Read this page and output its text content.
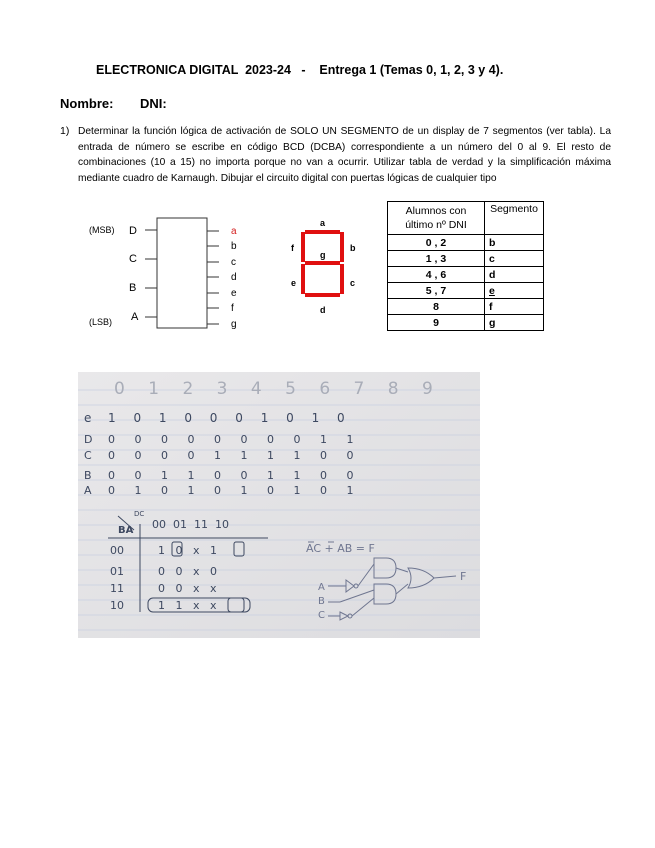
ELECTRONICA DIGITAL  2023-24   -    Entrega 1 (Temas 0, 1, 2, 3 y 4).
Nombre: DNI:
1) Determinar la función lógica de activación de SOLO UN SEGMENTO de un display de 7 segmentos (ver tabla). La entrada de número se escribe en código BCD (DCBA) correspondiente a un número del 0 al 9. El resto de combinaciones (10 a 15) no importa porque no van a ocurrir. Utilizar tabla de verdad y la simplificación máxima mediante cuadro de Karnaugh. Dibujar el circuito digital con puertas lógicas de cualquier tipo
(MSB)
(LSB)
D
C
B
A
a
b
c
d
e
f
g
a
b
c
d
e
f
g
Alumnos con
último nº DNI	Segmento
0 , 2	b
1 , 3	c
4 , 6	d
5 , 7	e
8	f
9	g
0 1 2 3 4 5 6 7 8 9
e 1 0 1 0 0 0 1 0 1 0
D 0 0 0 0 0 0 0 0 1 1
C 0 0 0 0 1 1 1 1 0 0
B 0 0 1 1 0 0 1 1 0 0
A 0 1 0 1 0 1 0 1 0 1
DC
BA 00  01  11  10
00	1   0   x   1
01	0   0   x   0
11	0   0   x   x
10	1   1   x   x
AC + AB = F
A
B
C
F
